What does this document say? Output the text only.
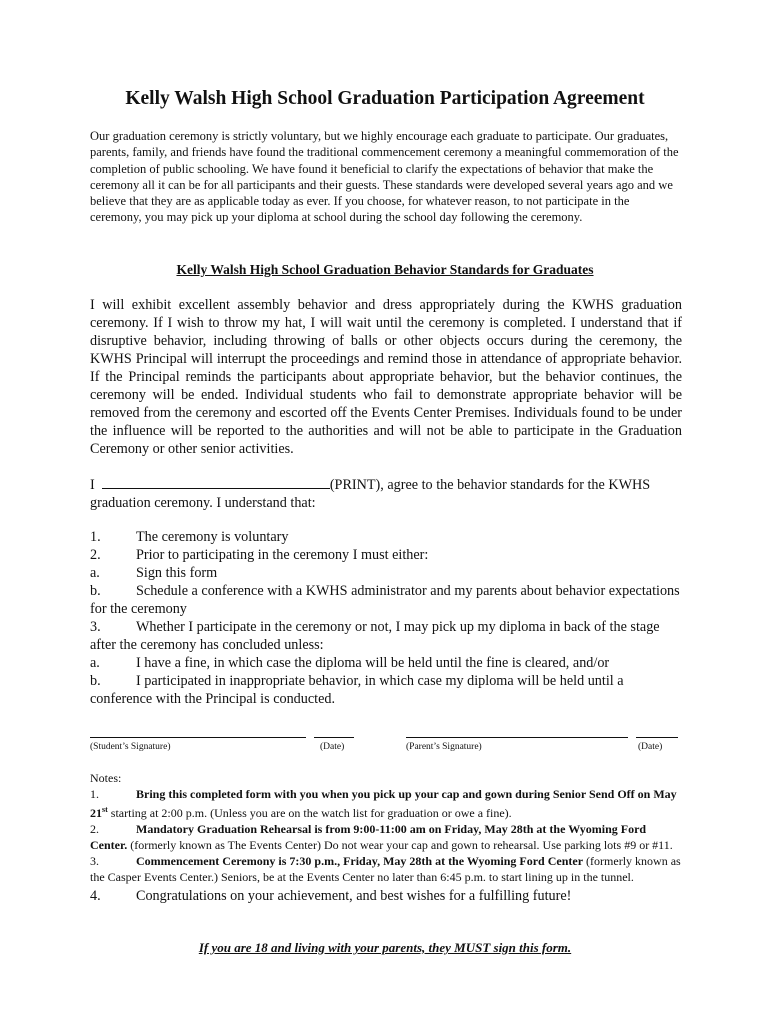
Kelly Walsh High School Graduation Participation Agreement

Our graduation ceremony is strictly voluntary, but we highly encourage each graduate to participate. Our graduates, parents, family, and friends have found the traditional commencement ceremony a meaningful commemoration of the completion of public schooling. We have found it beneficial to clarify the expectations of behavior that make the ceremony all it can be for all participants and their guests. These standards were developed several years ago and we believe that they are as applicable today as ever. If you choose, for whatever reason, to not participate in the ceremony, you may pick up your diploma at school during the school day following the ceremony.

Kelly Walsh High School Graduation Behavior Standards for Graduates

I will exhibit excellent assembly behavior and dress appropriately during the KWHS graduation ceremony. If I wish to throw my hat, I will wait until the ceremony is completed. I understand that if disruptive behavior, including throwing of balls or other objects occurs during the ceremony, the KWHS Principal will interrupt the proceedings and remind those in attendance of appropriate behavior. If the Principal reminds the participants about appropriate behavior, but the behavior continues, the ceremony will be ended. Individual students who fail to demonstrate appropriate behavior will be removed from the ceremony and escorted off the Events Center Premises. Individuals found to be under the influence will be reported to the authorities and will not be able to participate in the Graduation Ceremony or other senior activities.

I	(PRINT), agree to the behavior standards for the KWHS graduation ceremony. I understand that:

1. The ceremony is voluntary

2. Prior to participating in the ceremony I must either:

a.	Sign this form

b. Schedule a conference with a KWHS administrator and my parents about behavior expectations for the ceremony

3. Whether I participate in the ceremony or not, I may pick up my diploma in back of the stage after the ceremony has concluded unless:

a.	I have a fine, in which case the diploma will be held until the fine is cleared, and/or

b. I participated in inappropriate behavior, in which case my diploma will be held until a conference with the Principal is conducted.

(Student’s Signature)	(Date)	(Parent’s Signature)	(Date)

Notes:

1.	Bring this completed form with you when you pick up your cap and gown during Senior Send Off on May 21st starting at 2:00 p.m. (Unless you are on the watch list for graduation or owe a fine).

2.	Mandatory Graduation Rehearsal is from 9:00-11:00 am on Friday, May 28th at the Wyoming Ford Center. (formerly known as The Events Center) Do not wear your cap and gown to rehearsal. Use parking lots #9 or #11.

3.	Commencement Ceremony is 7:30 p.m., Friday, May 28th at the Wyoming Ford Center (formerly known as the Casper Events Center.) Seniors, be at the Events Center no later than 6:45 p.m. to start lining up in the tunnel.

4. Congratulations on your achievement, and best wishes for a fulfilling future!

If you are 18 and living with your parents, they MUST sign this form.
